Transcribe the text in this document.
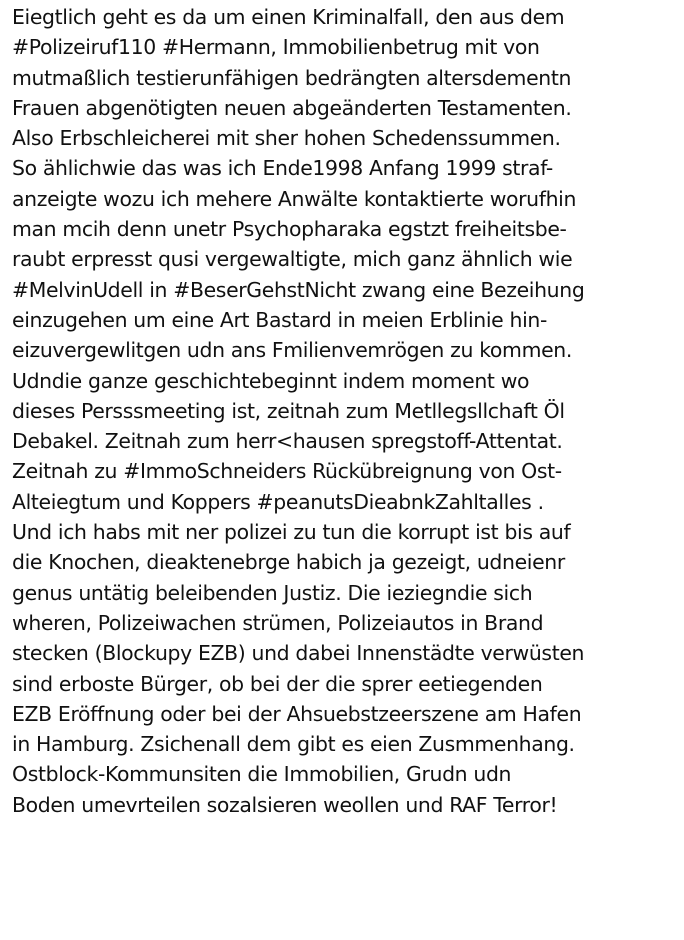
Eiegtlich geht es da um einen Kriminalfall, den aus dem
#Polizeiruf110 #Hermann, Immobilienbetrug mit von
mutmaßlich testierunfähigen bedrängten altersdementn
Frauen abgenötigten neuen abgeänderten Testamenten.
Also Erbschleicherei mit sher hohen Schedenssummen.
So ählichwie das was ich Ende1998 Anfang 1999 straf-
anzeigte wozu ich mehere Anwälte kontaktierte worufhin
man mcih denn unetr Psychopharaka egstzt freiheitsbe-
raubt erpresst qusi vergewaltigte, mich ganz ähnlich wie
#MelvinUdell in #BeserGehstNicht zwang eine Bezeihung
einzugehen um eine Art Bastard in meien Erblinie hin-
eizuvergewlitgen udn ans Fmilienvemrögen zu kommen.
Udndie ganze geschichtebeginnt indem moment wo
dieses Persssmeeting ist, zeitnah zum Metllegsllchaft Öl
Debakel. Zeitnah zum herr<hausen spregstoff-Attentat.
Zeitnah zu #ImmoSchneiders Rückübreignung von Ost-
Alteiegtum und Koppers #peanutsDieabnkZahltalles .
Und ich habs mit ner polizei zu tun die korrupt ist bis auf
die Knochen, dieaktenebrge habich ja gezeigt, udneienr
genus untätig beleibenden Justiz. Die ieziegndie sich
wheren, Polizeiwachen strümen, Polizeiautos in Brand
stecken (Blockupy EZB) und dabei Innenstädte verwüsten
sind erboste Bürger, ob bei der die sprer eetiegenden
EZB Eröffnung oder bei der Ahsuebstzeerszene am Hafen
in Hamburg. Zsichenall dem gibt es eien Zusmmenhang.
Ostblock-Kommunsiten die Immobilien, Grudn udn
Boden umevrteilen sozalsieren weollen und RAF Terror!
